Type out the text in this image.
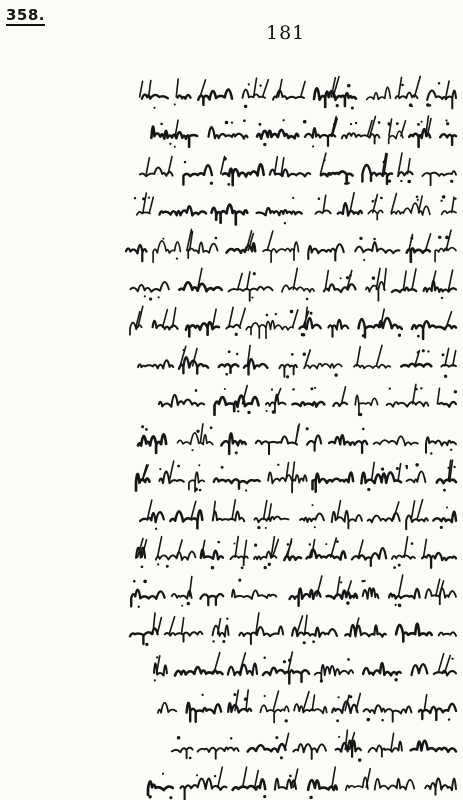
358.
181
